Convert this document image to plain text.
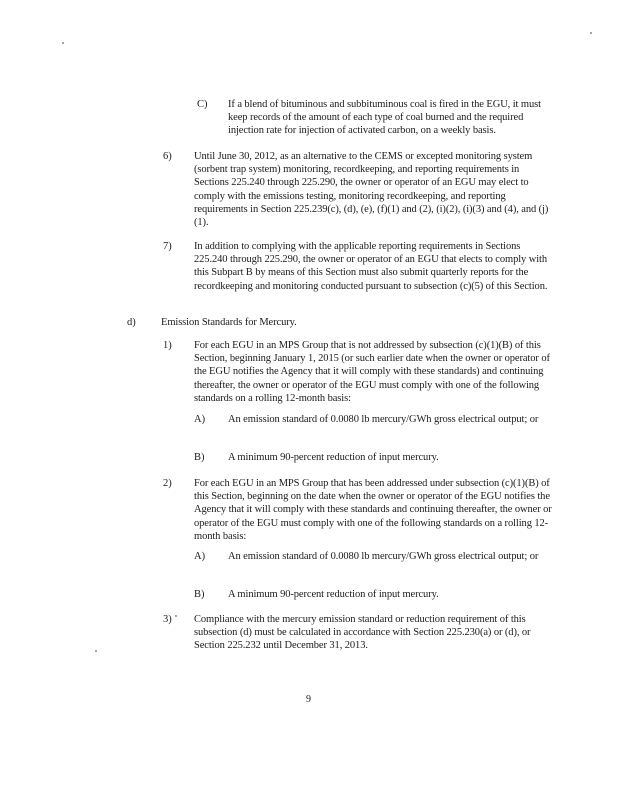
C) If a blend of bituminous and subbituminous coal is fired in the EGU, it must keep records of the amount of each type of coal burned and the required injection rate for injection of activated carbon, on a weekly basis.
6) Until June 30, 2012, as an alternative to the CEMS or excepted monitoring system (sorbent trap system) monitoring, recordkeeping, and reporting requirements in Sections 225.240 through 225.290, the owner or operator of an EGU may elect to comply with the emissions testing, monitoring recordkeeping, and reporting requirements in Section 225.239(c), (d), (e), (f)(1) and (2), (i)(2), (i)(3) and (4), and (j)(1).
7) In addition to complying with the applicable reporting requirements in Sections 225.240 through 225.290, the owner or operator of an EGU that elects to comply with this Subpart B by means of this Section must also submit quarterly reports for the recordkeeping and monitoring conducted pursuant to subsection (c)(5) of this Section.
d) Emission Standards for Mercury.
1) For each EGU in an MPS Group that is not addressed by subsection (c)(1)(B) of this Section, beginning January 1, 2015 (or such earlier date when the owner or operator of the EGU notifies the Agency that it will comply with these standards) and continuing thereafter, the owner or operator of the EGU must comply with one of the following standards on a rolling 12-month basis:
A) An emission standard of 0.0080 lb mercury/GWh gross electrical output; or
B) A minimum 90-percent reduction of input mercury.
2) For each EGU in an MPS Group that has been addressed under subsection (c)(1)(B) of this Section, beginning on the date when the owner or operator of the EGU notifies the Agency that it will comply with these standards and continuing thereafter, the owner or operator of the EGU must comply with one of the following standards on a rolling 12-month basis:
A) An emission standard of 0.0080 lb mercury/GWh gross electrical output; or
B) A minimum 90-percent reduction of input mercury.
3) Compliance with the mercury emission standard or reduction requirement of this subsection (d) must be calculated in accordance with Section 225.230(a) or (d), or Section 225.232 until December 31, 2013.
9
